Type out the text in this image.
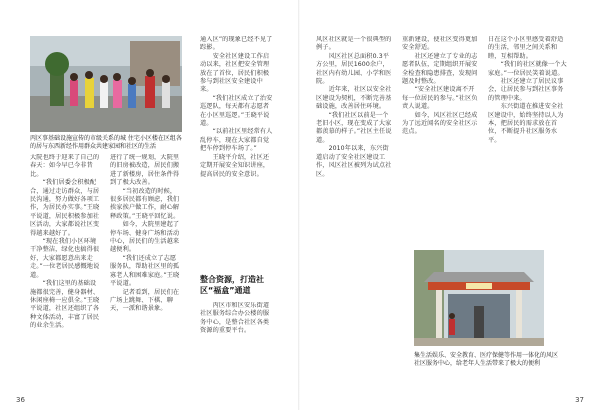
丙区事基础设施宣传的市级关系的城 住宅小区楼在区组各的居与东西新经作用群众共建家园和社区的生活
大院也终于迎来了自己的春天：如今早已今非昔比。
　　“我们居委会积极配合，通过走访群众，与居民沟通，努力做好各项工作，为居民办实事。”王晓平说道，居民积极参加社区活动，大家都说社区变得越来越好了。
　　“现在我们小区环境干净整洁，绿化也搞得很好，大家都愿意出来走走。”一位老居民感慨地说道。
　　“我们这里的基础设施都很完善，健身器材、休闲座椅一应俱全。”王晓平说道，社区还组织了各种文体活动，丰富了居民的业余生活。
进行了统一规划，大院里的旧房被改造，居民们搬进了新楼房，居住条件得到了极大改善。
　　“当初改造的时候，很多居民都有顾虑，我们挨家挨户做工作，耐心解释政策。”王晓平回忆说。
　　如今，大院里建起了停车场、健身广场和活动中心，居民们的生活越来越便利。
　　“我们还成立了志愿服务队，帮助社区里的孤寡老人和困难家庭。”王晓平说道。
　　记者看到，居民们在广场上跳舞、下棋、聊天，一派和谐景象。
通入区”的现象已经不见了踪影。
　　安全社区建设工作启动以来，社区把安全管理放在了首位，居民们积极参与到社区安全建设中来。
　　“我们社区成立了治安巡逻队，每天都有志愿者在小区里巡逻。”王晓平说道。
　　“以前社区里经常有人乱停车，现在大家都自觉把车停到停车场了。”
　　王晓平介绍，社区还定期开展安全知识讲座，提高居民的安全意识。
整合资源，打造社区“福盒”通道
　　丙区市和区安乐街道社区服务综合办公楼的服务中心，是整合社区各类资源的重要平台。
36
风区社区就是一个很典型的例子。
　　风区社区总面积0.3平方公里，居民1600余户，社区内有幼儿园、小学和医院。
　　近年来，社区以安全社区建设为契机，不断完善基础设施，改善居住环境。
　　“我们社区以前是一个老旧小区，现在变成了大家都羡慕的样子。”社区主任说道。
　　2010年以来，东兴街道启动了安全社区建设工作，风区社区被列为试点社区。
重新建设，使社区变得更加安全舒适。
　　社区还建立了专业的志愿者队伍，定期组织开展安全检查和隐患排查，发现问题及时整改。
　　“安全社区建设离不开每一位居民的参与。”社区负责人说道。
　　如今，风区社区已经成为了远近闻名的安全社区示范点。
日在这个小区里感受着舒适的生活，邻里之间关系和睦，互相帮助。
　　“我们的社区就像一个大家庭。”一位居民笑着说道。
　　社区还建立了居民议事会，让居民参与到社区事务的管理中来。
　　东兴街道在推进安全社区建设中，始终坚持以人为本，把居民的需求放在首位，不断提升社区服务水平。
集生活娱乐、安全教育、医疗保健等作用一体化的风区社区服务中心，给老年人生活带来了极大的便利
37
